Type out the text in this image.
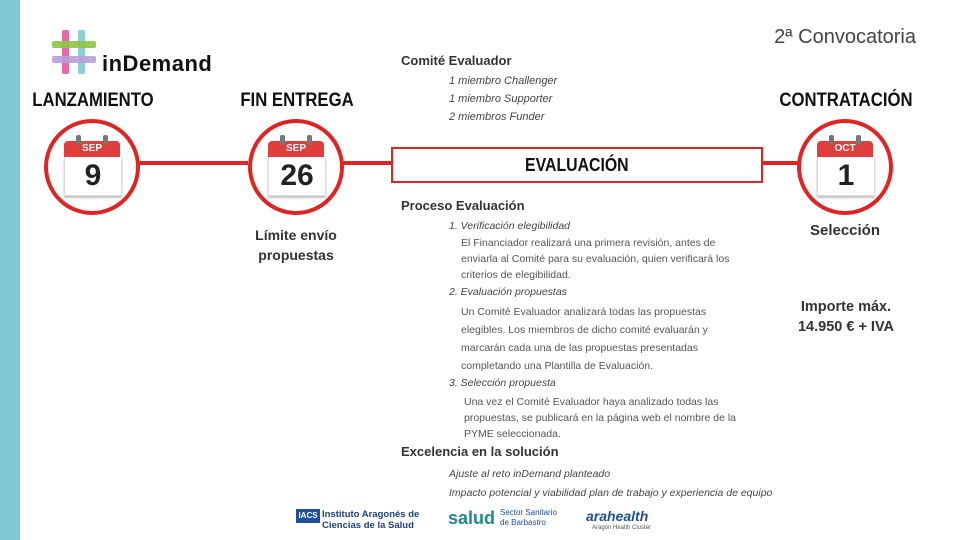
inDemand
2ª Convocatoria
LANZAMIENTO	FIN ENTREGA	CONTRATACIÓN
SEP
9
SEP
26
OCT
1
EVALUACIÓN
Límite envío
propuestas
Selección
Importe máx.
14.950 € + IVA
Comité Evaluador
1 miembro Challenger
1 miembro Supporter
2 miembros Funder
Proceso Evaluación
1. Verificación elegibilidad
El Financiador realizará una primera revisión, antes de
enviarla al Comité para su evaluación, quien verificará los
criterios de elegibilidad.
2. Evaluación propuestas
Un Comité Evaluador analizará todas las propuestas
elegibles. Los miembros de dicho comité evaluarán y
marcarán cada una de las propuestas presentadas
completando una Plantilla de Evaluación.
3. Selección propuesta
Una vez el Comité Evaluador haya analizado todas las
propuestas, se publicará en la página web el nombre de la
PYME seleccionada.
Excelencia en la solución
Ajuste al reto inDemand planteado
Impacto potencial y viabilidad plan de trabajo y experiencia de equipo
IACS Instituto Aragonés de
Ciencias de la Salud	salud Sector Sanitario
de Barbastro	arahealth
Aragón Health Cluster
